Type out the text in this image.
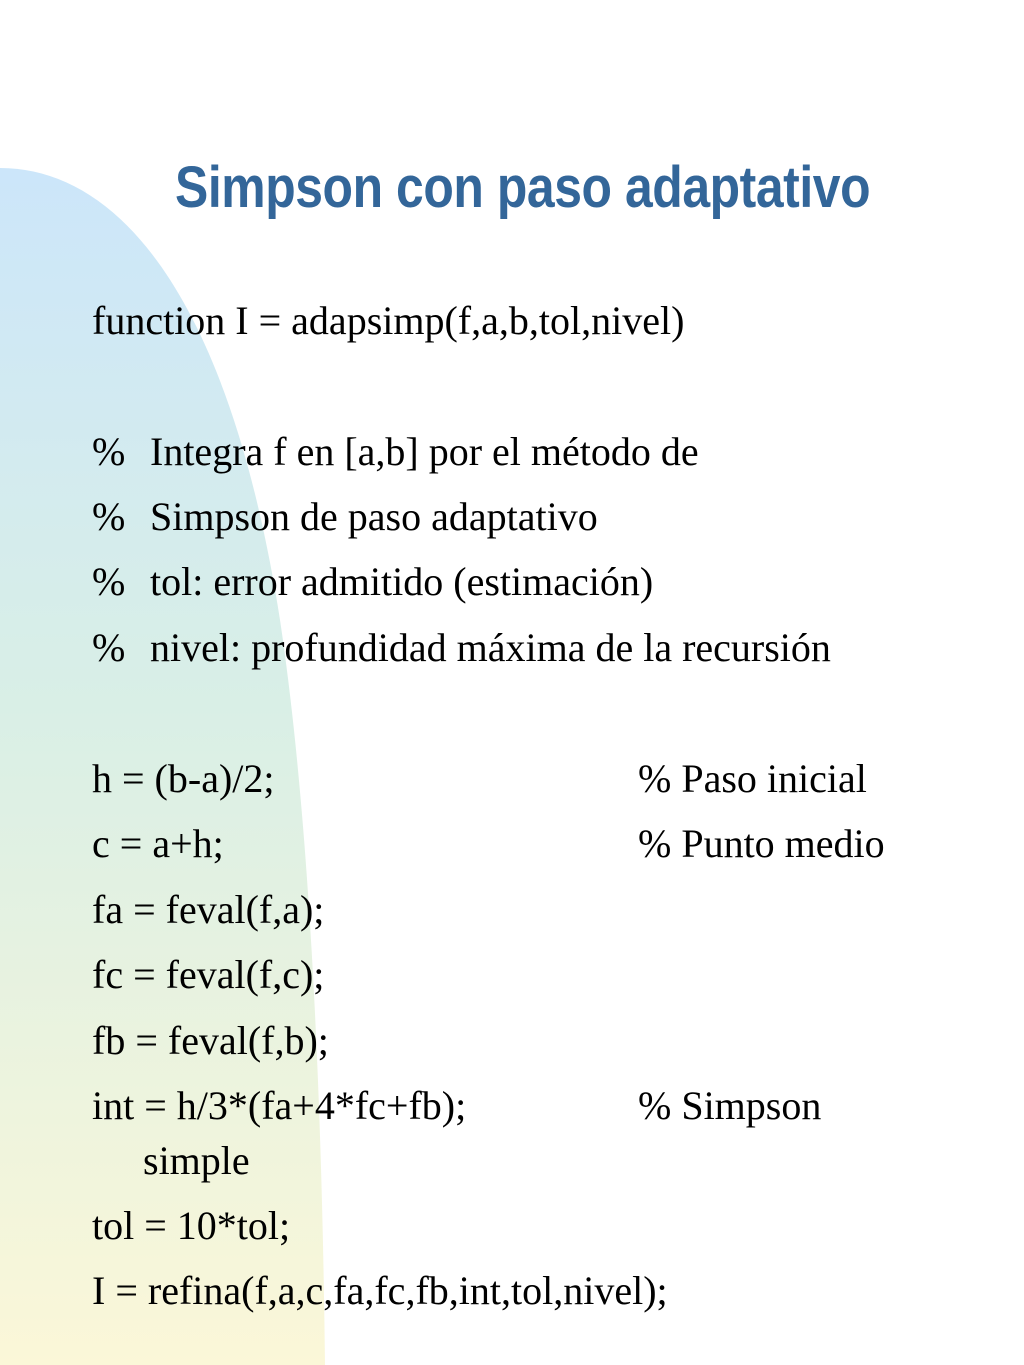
Simpson con paso adaptativo
function I = adapsimp(f,a,b,tol,nivel)
% Integra f en [a,b] por el método de
% Simpson de paso adaptativo
% tol: error admitido (estimación)
% nivel: profundidad máxima de la recursión
h = (b-a)/2;	% Paso inicial
c = a+h;	% Punto medio
fa = feval(f,a);
fc = feval(f,c);
fb = feval(f,b);
int = h/3*(fa+4*fc+fb);	% Simpson
simple
tol = 10*tol;
I = refina(f,a,c,fa,fc,fb,int,tol,nivel);
